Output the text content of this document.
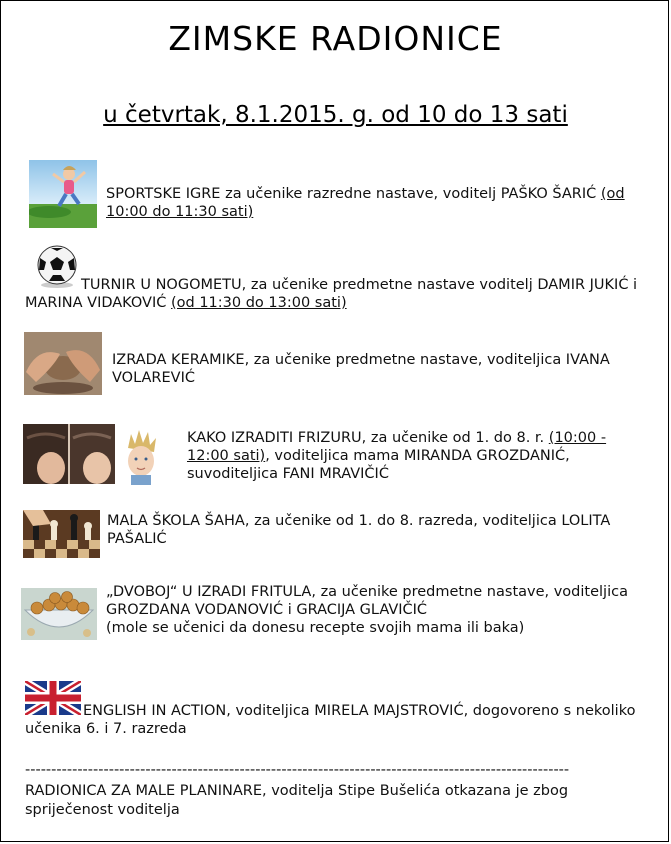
ZIMSKE RADIONICE
u četvrtak, 8.1.2015. g. od 10 do 13 sati
SPORTSKE IGRE za učenike razredne nastave, voditelj PAŠKO ŠARIĆ (od 10:00 do 11:30 sati)
TURNIR U NOGOMETU, za učenike predmetne nastave voditelj DAMIR JUKIĆ i MARINA VIDAKOVIĆ (od 11:30 do 13:00 sati)
IZRADA KERAMIKE, za učenike predmetne nastave, voditeljica IVANA VOLAREVIĆ
KAKO IZRADITI FRIZURU, za učenike od 1. do 8. r. (10:00 - 12:00 sati), voditeljica mama MIRANDA GROZDANIĆ, suvoditeljica FANI MRAVIČIĆ
MALA ŠKOLA ŠAHA, za učenike od 1. do 8. razreda, voditeljica LOLITA PAŠALIĆ
„DVOBOJ“ U IZRADI FRITULA, za učenike predmetne nastave, voditeljica GROZDANA VODANOVIĆ i GRACIJA GLAVIČIĆ
(mole se učenici da donesu recepte svojih mama ili baka)
ENGLISH IN ACTION, voditeljica MIRELA MAJSTROVIĆ, dogovoreno s nekoliko učenika 6. i 7. razreda
--------------------------------------------------------------------------------------------------------
RADIONICA ZA MALE PLANINARE, voditelja Stipe Bušelića otkazana je zbog spriječenost voditelja
